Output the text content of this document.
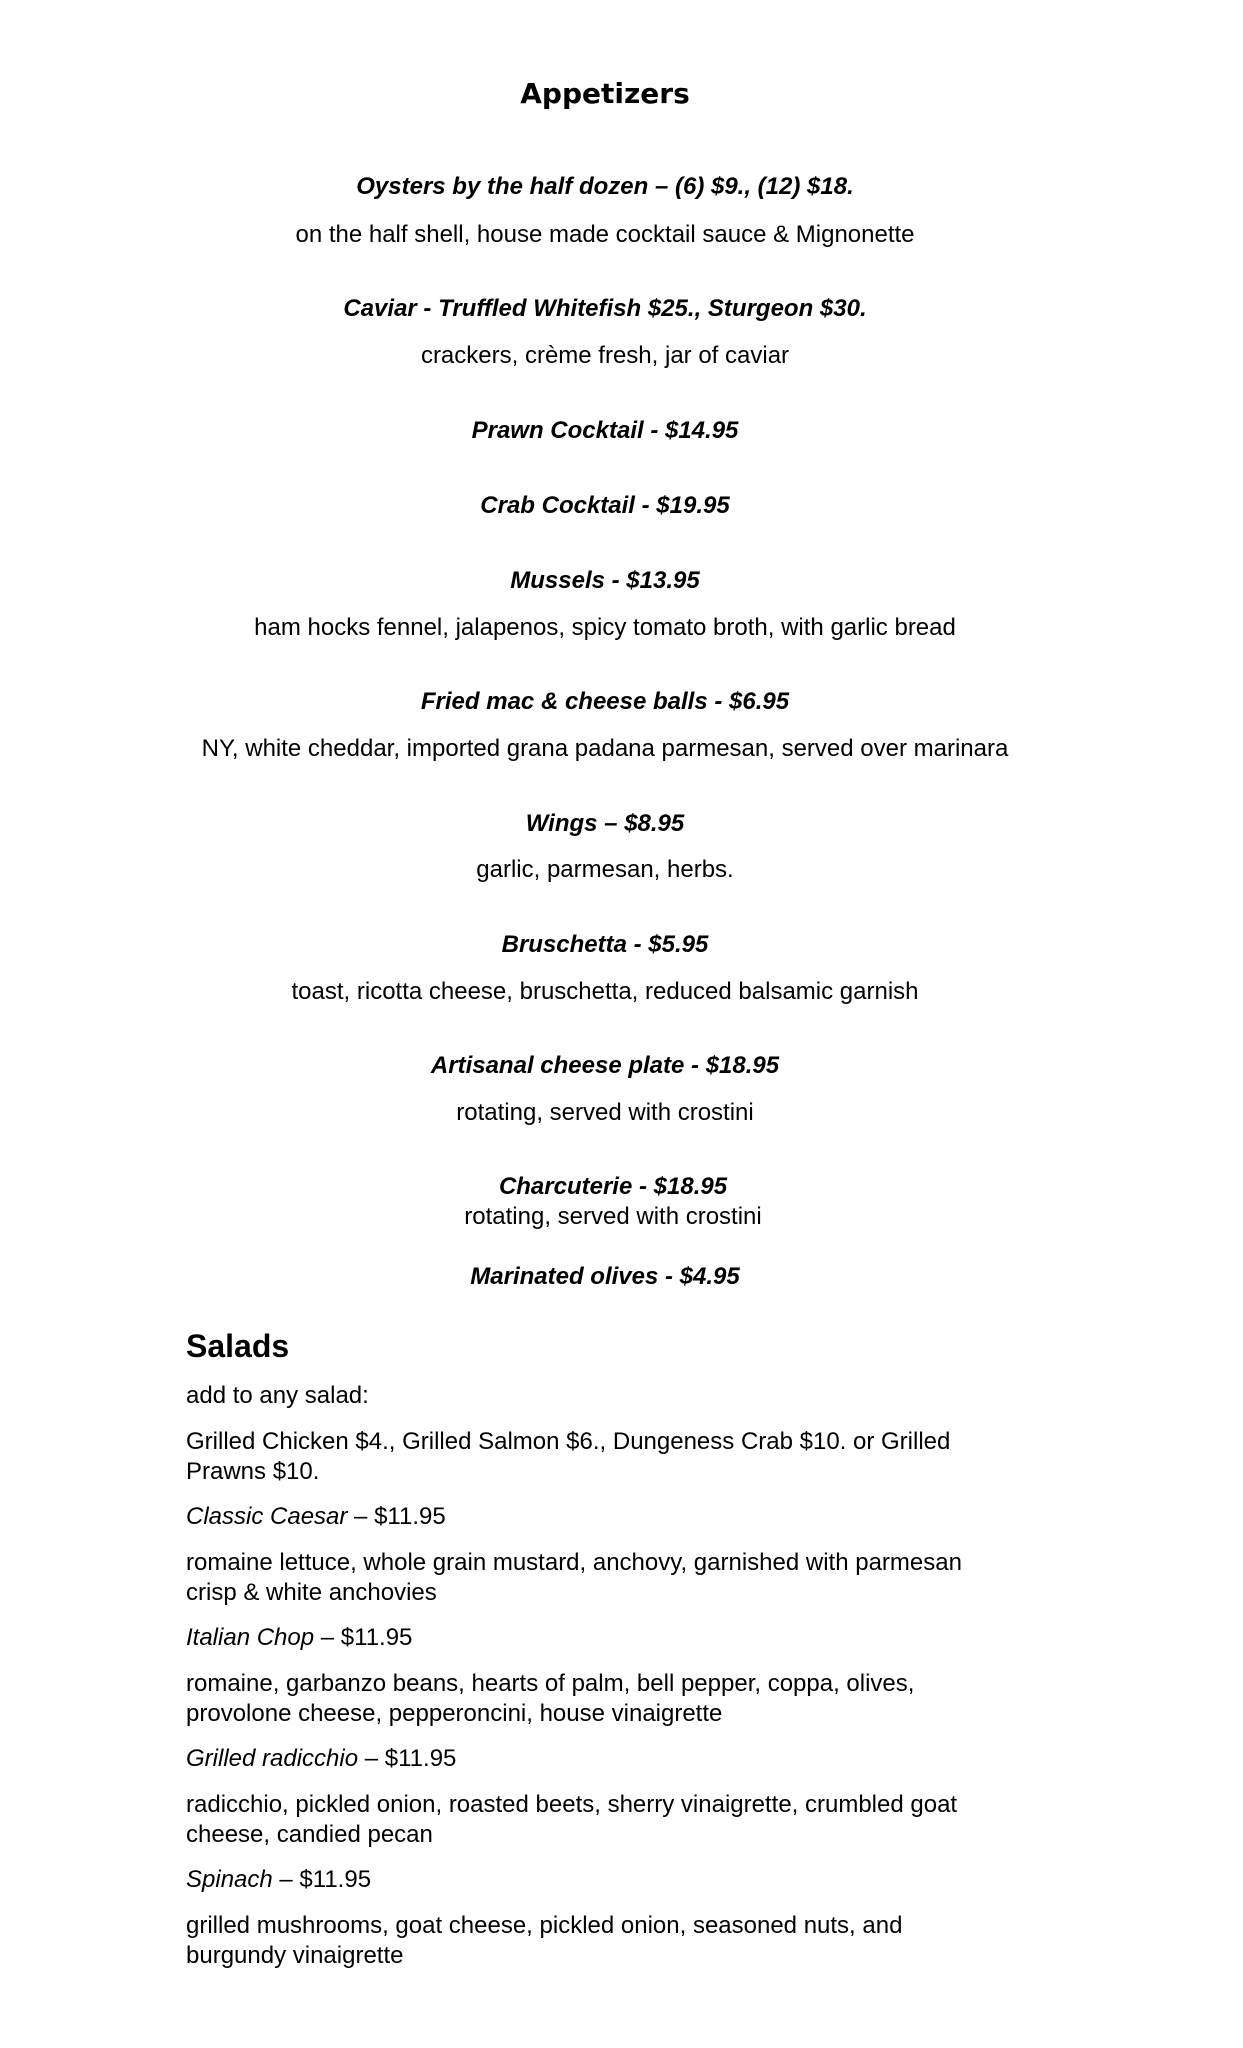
Appetizers
Oysters by the half dozen – (6) $9., (12) $18.
on the half shell, house made cocktail sauce & Mignonette
Caviar - Truffled Whitefish $25., Sturgeon $30.
crackers, crème fresh, jar of caviar
Prawn Cocktail - $14.95
Crab Cocktail - $19.95
Mussels - $13.95
ham hocks fennel, jalapenos, spicy tomato broth, with garlic bread
Fried mac & cheese balls - $6.95
NY, white cheddar, imported grana padana parmesan, served over marinara
Wings – $8.95
garlic, parmesan, herbs.
Bruschetta - $5.95
toast, ricotta cheese, bruschetta, reduced balsamic garnish
Artisanal cheese plate - $18.95
rotating, served with crostini
Charcuterie - $18.95
rotating, served with crostini
Marinated olives - $4.95
Salads
add to any salad:
Grilled Chicken $4., Grilled Salmon $6., Dungeness Crab $10. or Grilled Prawns $10.
Classic Caesar – $11.95
romaine lettuce, whole grain mustard, anchovy, garnished with parmesan crisp & white anchovies
Italian Chop – $11.95
romaine, garbanzo beans, hearts of palm, bell pepper, coppa, olives, provolone cheese, pepperoncini, house vinaigrette
Grilled radicchio – $11.95
radicchio, pickled onion, roasted beets, sherry vinaigrette, crumbled goat cheese, candied pecan
Spinach – $11.95
grilled mushrooms, goat cheese, pickled onion, seasoned nuts, and burgundy vinaigrette
